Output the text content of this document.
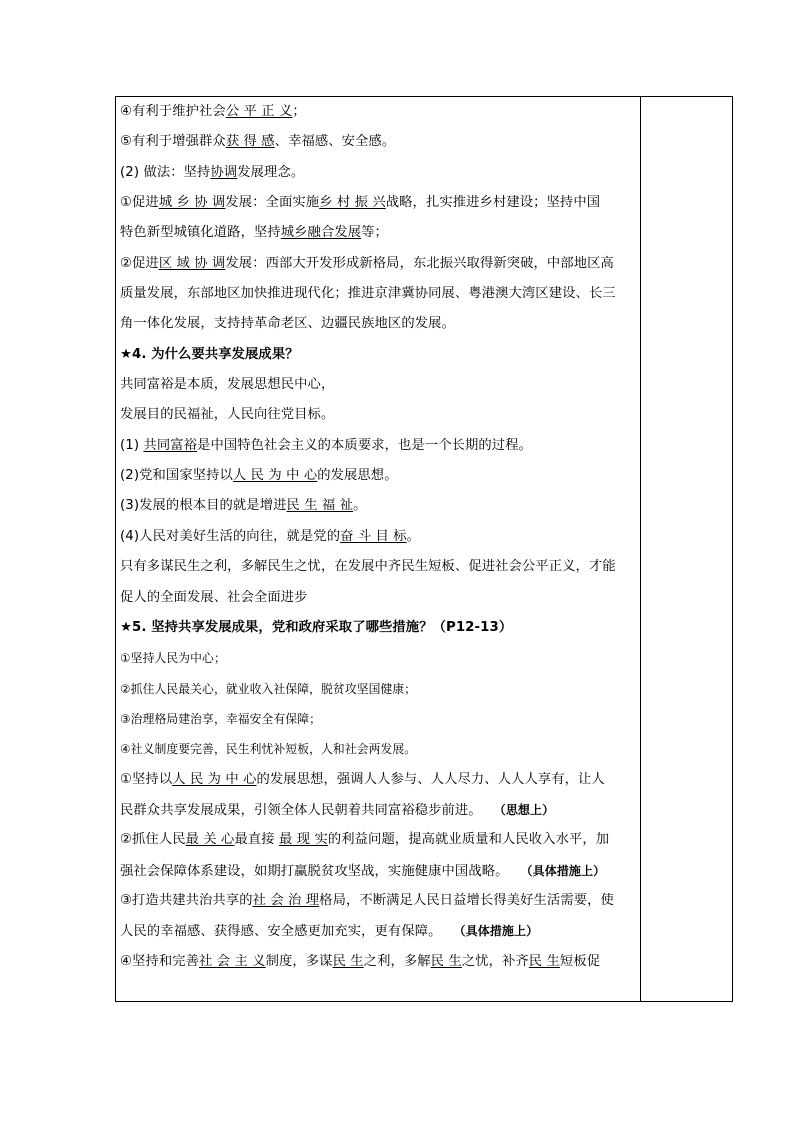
④有利于维护社会公 平 正 义；
⑤有利于增强群众获 得 感、幸福感、安全感。
(2) 做法：坚持协调发展理念。
①促进城 乡 协 调发展：全面实施乡 村 振 兴战略，扎实推进乡村建设；坚持中国
特色新型城镇化道路，坚持城乡融合发展等；
②促进区 域 协 调发展：西部大开发形成新格局，东北振兴取得新突破，中部地区高
质量发展，东部地区加快推进现代化；推进京津冀协同展、粤港澳大湾区建设、长三
角一体化发展，支持持革命老区、边疆民族地区的发展。
★4. 为什么要共享发展成果？
共同富裕是本质，发展思想民中心，
发展目的民福祉，人民向往党目标。
(1) 共同富裕是中国特色社会主义的本质要求，也是一个长期的过程。
(2)党和国家坚持以人 民 为 中 心的发展思想。
(3)发展的根本目的就是增进民 生 福 祉。
(4)人民对美好生活的向往，就是党的奋 斗 目 标。
只有多谋民生之利，多解民生之忧，在发展中齐民生短板、促进社会公平正义，才能
促人的全面发展、社会全面进步
★5. 坚持共享发展成果，党和政府采取了哪些措施？（P12-13）
①坚持人民为中心；
②抓住人民最关心，就业收入社保障，脱贫攻坚国健康；
③治理格局建治享，幸福安全有保障；
④社义制度要完善，民生利忧补短板，人和社会两发展。
①坚持以人 民 为 中 心的发展思想，强调人人参与、人人尽力、人人人享有，让人
民群众共享发展成果，引领全体人民朝着共同富裕稳步前进。 （思想上）
②抓住人民最 关 心最直接 最 现 实的利益问题，提高就业质量和人民收入水平，加
强社会保障体系建设，如期打赢脱贫攻坚战，实施健康中国战略。 （具体措施上）
③打造共建共治共享的社 会 治 理格局，不断满足人民日益增长得美好生活需要，使
人民的幸福感、获得感、安全感更加充实，更有保障。 （具体措施上）
④坚持和完善社 会 主 义制度，多谋民 生之利，多解民 生之忧，补齐民 生短板促
